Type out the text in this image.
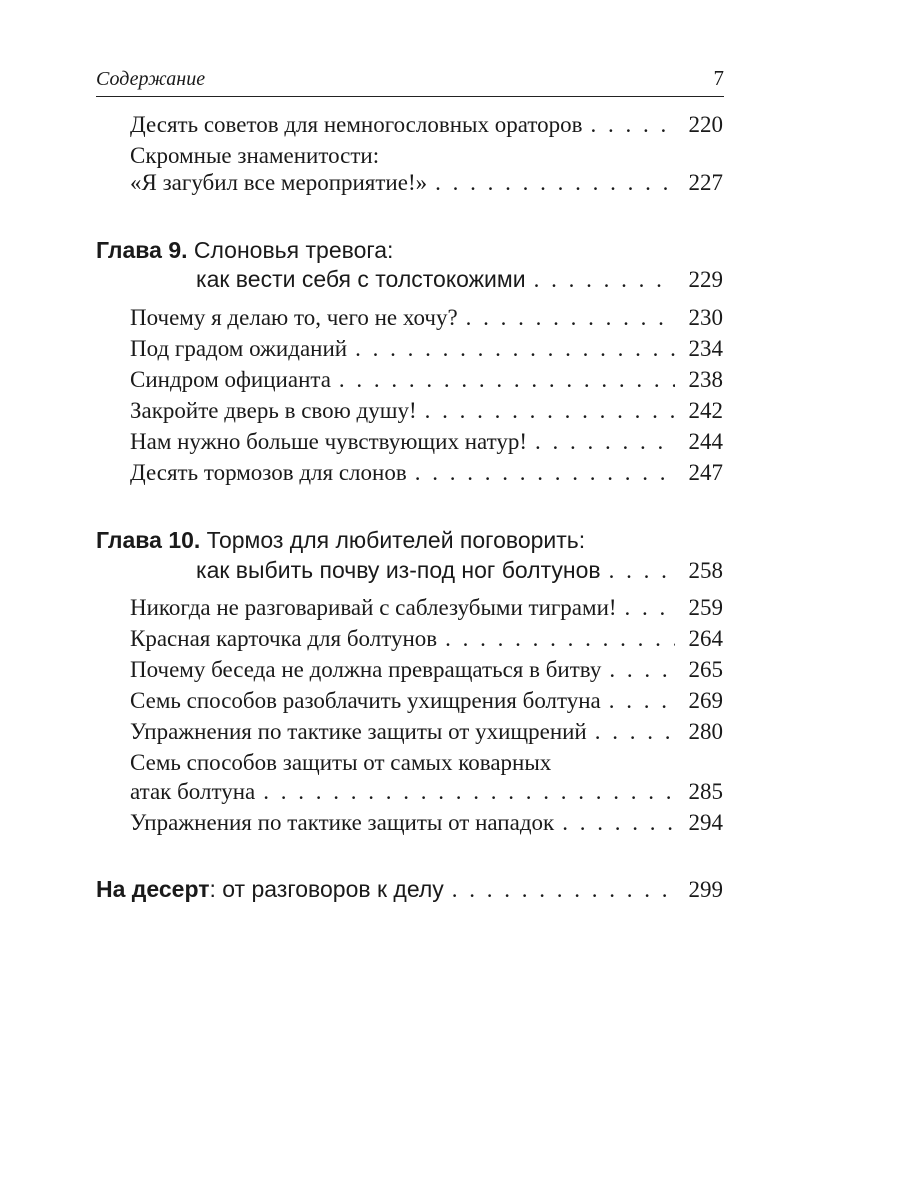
Содержание	7
Десять советов для немногословных ораторов . . .	220
Скромные знаменитости:
«Я загубил все мероприятие!» . . .	227
Глава 9. Слоновья тревога:
как вести себя с толстокожими . . .	229
Почему я делаю то, чего не хочу? . . .	230
Под градом ожиданий . . .	234
Синдром официанта . . .	238
Закройте дверь в свою душу! . . .	242
Нам нужно больше чувствующих натур! . . .	244
Десять тормозов для слонов . . .	247
Глава 10. Тормоз для любителей поговорить:
как выбить почву из-под ног болтунов . . .	258
Никогда не разговаривай с саблезубыми тиграми! . . .	259
Красная карточка для болтунов . . .	264
Почему беседа не должна превращаться в битву . . .	265
Семь способов разоблачить ухищрения болтуна . . .	269
Упражнения по тактике защиты от ухищрений . . .	280
Семь способов защиты от самых коварных
атак болтуна . . .	285
Упражнения по тактике защиты от нападок . . .	294
На десерт: от разговоров к делу . . .	299
